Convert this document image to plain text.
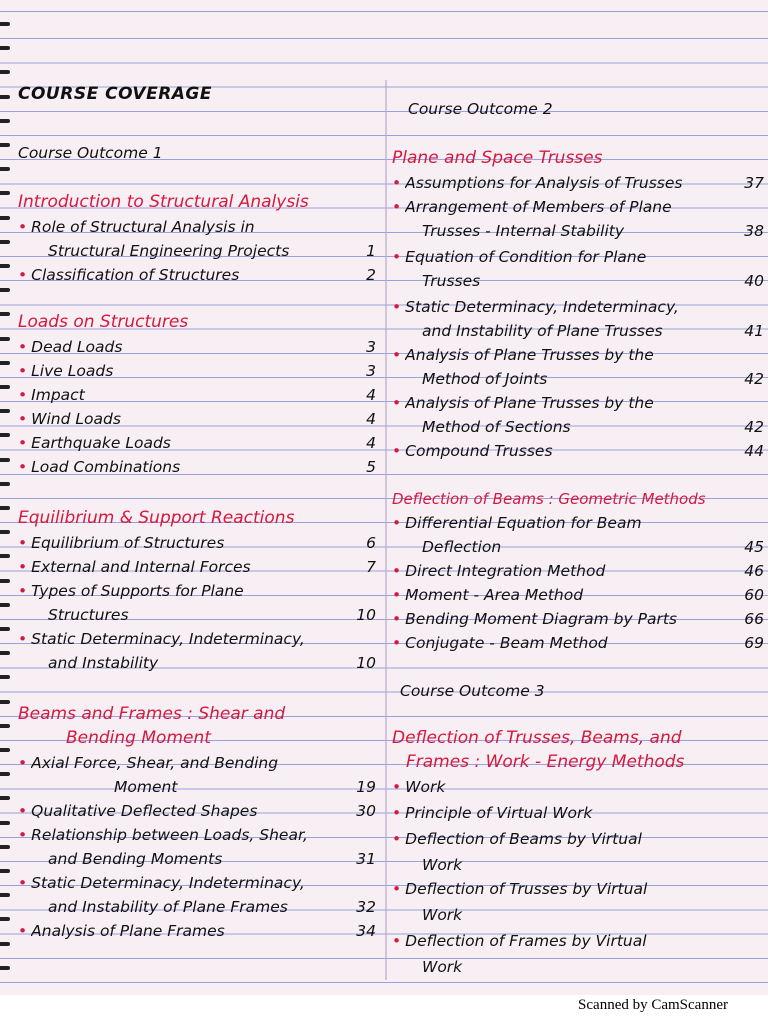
COURSE COVERAGE
Course Outcome 1
Introduction to Structural Analysis
• Role of Structural Analysis in
Structural Engineering Projects	1
• Classification of Structures	2
Loads on Structures
• Dead Loads	3
• Live Loads	3
• Impact	4
• Wind Loads	4
• Earthquake Loads	4
• Load Combinations	5
Equilibrium & Support Reactions
• Equilibrium of Structures	6
• External and Internal Forces	7
• Types of Supports for Plane
Structures	10
• Static Determinacy, Indeterminacy,
and Instability	10
Beams and Frames : Shear and
Bending Moment
• Axial Force, Shear, and Bending
Moment	19
• Qualitative Deflected Shapes	30
• Relationship between Loads, Shear,
and Bending Moments	31
• Static Determinacy, Indeterminacy,
and Instability of Plane Frames	32
• Analysis of Plane Frames	34
Course Outcome 2
Plane and Space Trusses
• Assumptions for Analysis of Trusses	37
• Arrangement of Members of Plane
Trusses - Internal Stability	38
• Equation of Condition for Plane
Trusses	40
• Static Determinacy, Indeterminacy,
and Instability of Plane Trusses	41
• Analysis of Plane Trusses by the
Method of Joints	42
• Analysis of Plane Trusses by the
Method of Sections	42
• Compound Trusses	44
Deflection of Beams : Geometric Methods
• Differential Equation for Beam
Deflection	45
• Direct Integration Method	46
• Moment - Area Method	60
• Bending Moment Diagram by Parts	66
• Conjugate - Beam Method	69
Course Outcome 3
Deflection of Trusses, Beams, and
Frames : Work - Energy Methods
• Work
• Principle of Virtual Work
• Deflection of Beams by Virtual
Work
• Deflection of Trusses by Virtual
Work
• Deflection of Frames by Virtual
Work
Scanned by CamScanner
